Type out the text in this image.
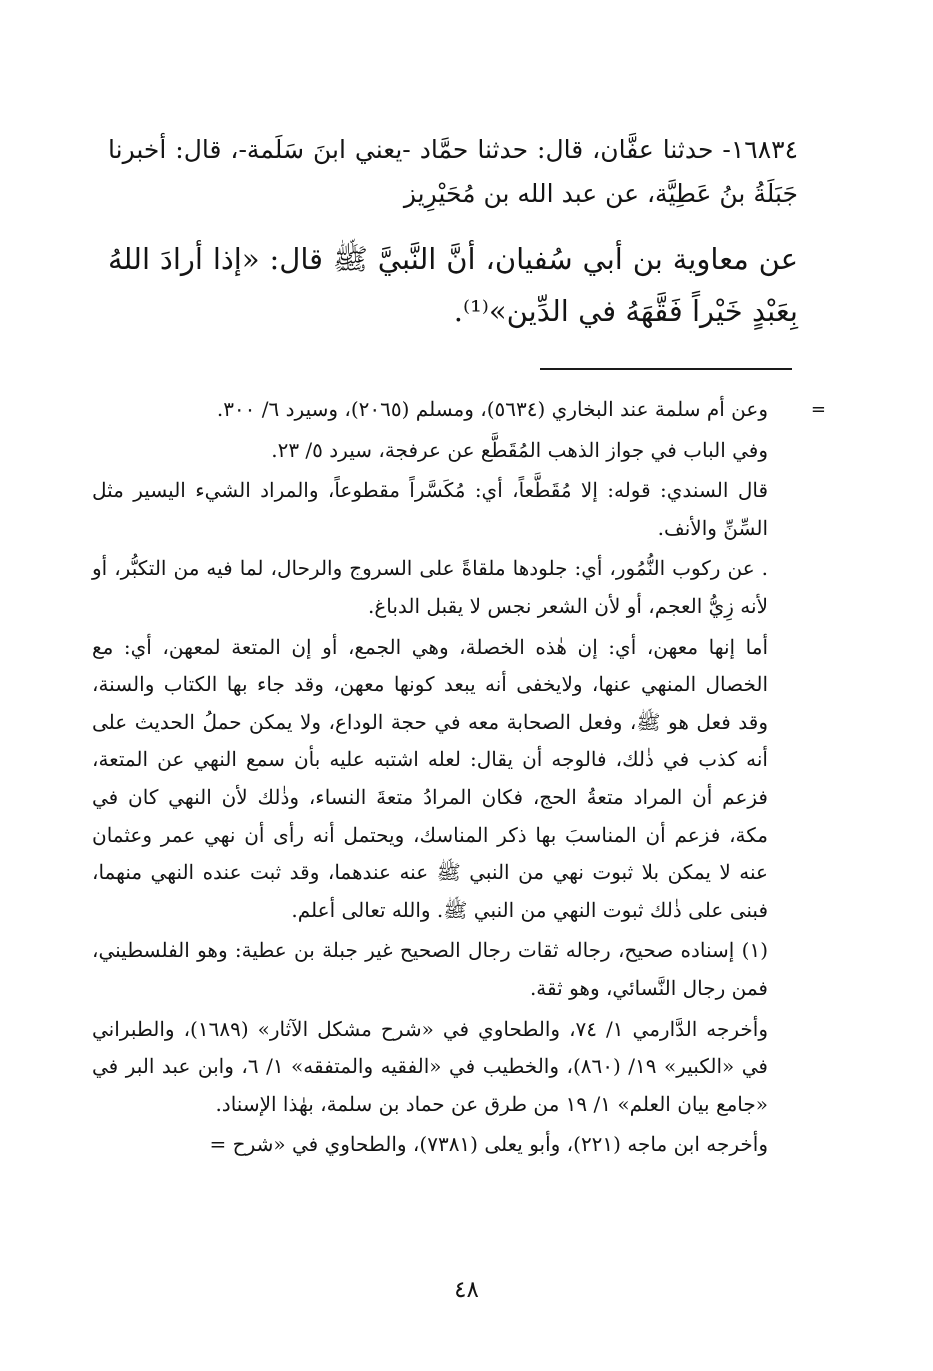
١٦٨٣٤- حدثنا عفَّان، قال: حدثنا حمَّاد -يعني ابنَ سَلَمة-، قال: أخبرنا جَبَلَةُ بنُ عَطِيَّة، عن عبد الله بن مُحَيْرِيز

عن معاوية بن أبي سُفيان، أنَّ النَّبيَّ ﷺ قال: «إذا أرادَ اللهُ بِعَبْدٍ خَيْراً فَقَّهَهُ في الدِّين»⁽¹⁾.

=
وعن أم سلمة عند البخاري (٥٦٣٤)، ومسلم (٢٠٦٥)، وسيرد ٦/ ٣٠٠.

وفي الباب في جواز الذهب المُقَطَّع عن عرفجة، سيرد ٥/ ٢٣.

قال السندي: قوله: إلا مُقَطَّعاً، أي: مُكَسَّراً مقطوعاً، والمراد الشيء اليسير مثل السِّنِّ والأنف.

. عن ركوب النُّمُور، أي: جلودها ملقاةً على السروج والرحال، لما فيه من التكبُّر، أو لأنه زِيُّ العجم، أو لأن الشعر نجس لا يقبل الدباغ.

أما إنها معهن، أي: إن هٰذه الخصلة، وهي الجمع، أو إن المتعة لمعهن، أي: مع الخصال المنهي عنها، ولايخفى أنه يبعد كونها معهن، وقد جاء بها الكتاب والسنة، وقد فعل هو ﷺ، وفعل الصحابة معه في حجة الوداع، ولا يمكن حملُ الحديث على أنه كذب في ذٰلك، فالوجه أن يقال: لعله اشتبه عليه بأن سمع النهي عن المتعة، فزعم أن المراد متعةُ الحج، فكان المرادُ متعةَ النساء، وذٰلك لأن النهي كان في مكة، فزعم أن المناسبَ بها ذكر المناسك، ويحتمل أنه رأى أن نهي عمر وعثمان عنه لا يمكن بلا ثبوت نهي من النبي ﷺ عنه عندهما، وقد ثبت عنده النهي منهما، فبنى على ذٰلك ثبوت النهي من النبي ﷺ. والله تعالى أعلم.

(١) إسناده صحيح، رجاله ثقات رجال الصحيح غير جبلة بن عطية: وهو الفلسطيني، فمن رجال النَّسائي، وهو ثقة.

وأخرجه الدَّارمي ١/ ٧٤، والطحاوي في «شرح مشكل الآثار» (١٦٨٩)، والطبراني في «الكبير» ١٩/ (٨٦٠)، والخطيب في «الفقيه والمتفقه» ١/ ٦، وابن عبد البر في «جامع بيان العلم» ١/ ١٩ من طرق عن حماد بن سلمة، بهٰذا الإسناد.

وأخرجه ابن ماجه (٢٢١)، وأبو يعلى (٧٣٨١)، والطحاوي في «شرح =

٤٨
